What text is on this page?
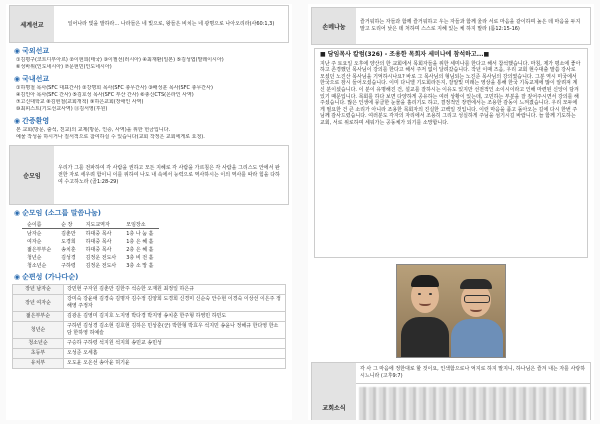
세계선교	일어나라 빛을 발하라… 나라들은 네 빛으로, 왕들은 비치는 네 광명으로 나아오리라(사60:1,3)
◉ 국외선교
①김평구(코트디부아르) ②이현희(태국) ③이필선(러시아) ④최재환(일본) ⑤김성엽(말레이시아)
⑥성바위(인도네시아) ⑦문현민(인도네시아)
◉ 국내선교
①하명철 목사(SFC 대표간사) ②강명희 목사(SFC 총무간사) ③배성훈 목사(SFC 총무간사)
④김인아 목사(SFC 간사) ⑤김호성 목사(SFC 부산 간사) ⑥총신CTS(온라인 사역)
⑦고신대학교 ⑧김현철(교회개척) ⑨하은교회(장애인 사역)
⑩최피스트(기도선교사역) ⑪김서영(후원)
◉ 간증환영
본 교회(방문, 출석, 친교)의 교제(방문, 인증, 사역)을 위한 헌금입니다.
예물 작성을 하시거나 질서적으로 참여하실 수 있습니다(교회 작정은 교회에게로 요청).
순모임
우리가 그를 전파하여 각 사람을 권하고 모든 지혜로 각 사람을 가르침은 각 사람을 그리스도 안에서 완전한 자로 세우려 함이니 이를 위하여 나도 내 속에서 능력으로 역사하시는 이의 역사를 따라 힘을 다하여 수고하노라 (골1:28-29)
◉ 순모임 (소그룹 말씀나눔)
순이름	순 장	지도교역자	모임장소
남자순	김춘만	하대중 목사	1층 나 눔 홀
여자순	도경희	하대중 목사	1층 은 혜 홀
젊은부부순	송치훈	하대중 목사	2층 은 혜 홀
청년순	김성경	김정운 전도사	3층 비 전 홀
청소년순	구하령	김정운 전도사	3층 소 망 홀
◉ 순편성 (가나다순)
장년 남자순	강민현 구자원 김춘만 김한주 석승한 오재원 최정일 하은규
장년 여자순	강미숙 강윤애 김경숙 김명자 김수정 김양희 도경희 신경미 신순숙 안수현 이경숙 이상선 이은주 정해영 주정자
젊은부부순	김광운 김영미 김지호 노지영 박다경 박지영 송치훈 한주형 하영민 하민도
청년순	구하빈 김성경 김소현 김호현 김하은 민상훈(군) 박한형 박효우 석지민 송윤나 정해규 한다영 한소담 한하영 허예슬
청소년순	구승하 구하령 석지원 석지희 송민교 송민성
초등부	오성준 오세흠
유치부	오도윤 오온선 송아윤 허기윤
손메나눔
즐거워하는 자들과 함께 즐거워하고 우는 자들과 함께 울라 서로 마음을 같이하며 높은 데 마음을 두지 말고 도리어 낮은 데 처하며 스스로 지혜 있는 체 하지 말라 (롬12:15-16)
■ 담임목사 칼럼(326) - 조용한 목회자 세미나에 참석하고...■
지난 주 토요일 오후에 양산의 한 교회에서 목회자들을 위한 세미나를 한다고 해서 참석했습니다. 마침, 제가 평소에 좋아하고 존경했던 목사님이 강의를 한다고 해서 주저 없이 달려갔습니다. 작년 이때 즈음, 우리 교회 현수대출 말씀 강사로 모셨던 노진산 목사님을 기억하시나요? 바로 그 목사님의 형님되는 노진준 목사님의 강의였습니다. 그분 역시 미국에서 한국으로 잠시 들어오셨습니다. 이미 다니엘 기도회라든지, 잘알빛 미래는 영상을 통해 한국 기독교계에 많이 알려져 계신 분이셨습니다. 이 분이 유명해진 건, 설교를 잘하시는 이유도 있지만 선전적인 소이시이라고 인해 마련된 신앙이 담겨있기 때문입니다. 목회를 하다 보면 다양하게 공유하는 여러 상황이 있는데, 고민하는 부분을 잘 짚어주시면서 강의를 해 주셨습니다. 많은 인생에 뭉클한 눈물을 흘리기도 하고, 결정적인 장면에서는 조용한 감동이 느껴졌습니다. 우리 모두에게 필요한 건 큰 소리가 아니라 조용한 목회자의 진실한 고백일 것입니다. 이런 마음을 품고 돌아오는 길에 다시 한번 주님께 감사드렸습니다. 여러분도 각자의 자리에서 조용히 그리고 성실하게 주님을 섬기시길 바랍니다. 늘 함께 기도하는 교회, 서로 위로하며 세워가는 공동체가 되기를 소망합니다.
교회소식
각 사 그 마음에 정한대로 할 것이요, 인색함으로나 억지로 하지 말지니, 하나님은 즐겨 내는 자를 사랑하시느니라 (고후9:7)
